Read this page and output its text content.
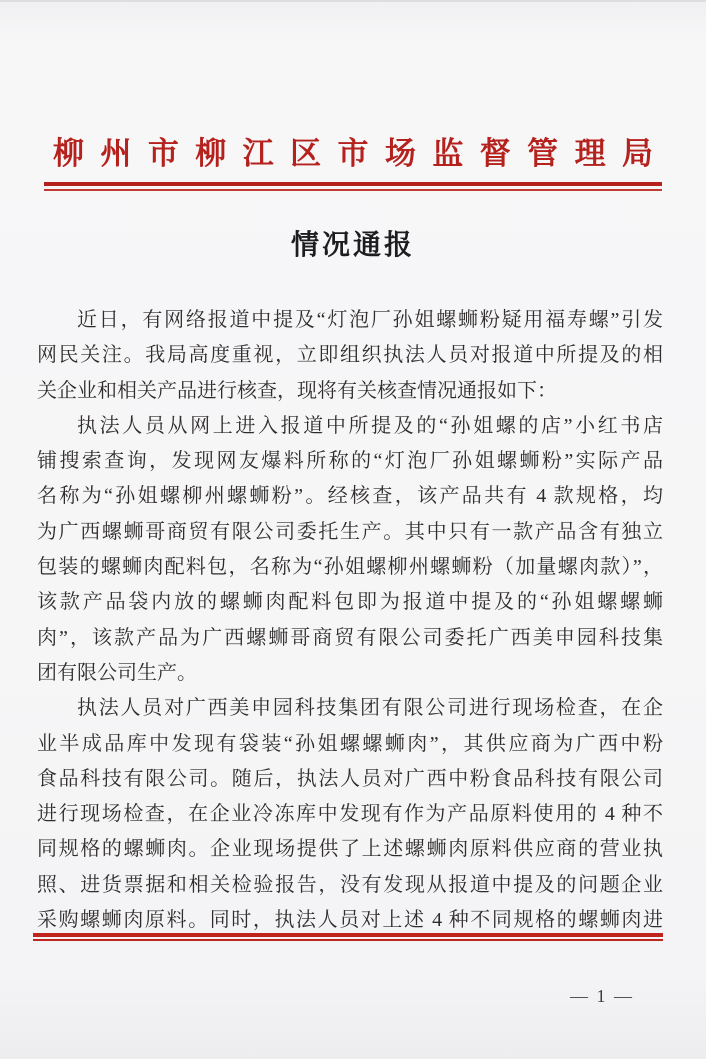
柳州市柳江区市场监督管理局
情况通报
近日，有网络报道中提及“灯泡厂孙姐螺蛳粉疑用福寿螺”引发
网民关注。我局高度重视，立即组织执法人员对报道中所提及的相
关企业和相关产品进行核查，现将有关核查情况通报如下：
执法人员从网上进入报道中所提及的“孙姐螺的店”小红书店
铺搜索查询，发现网友爆料所称的“灯泡厂孙姐螺蛳粉”实际产品
名称为“孙姐螺柳州螺蛳粉”。经核查，该产品共有 4 款规格，均
为广西螺蛳哥商贸有限公司委托生产。其中只有一款产品含有独立
包装的螺蛳肉配料包，名称为“孙姐螺柳州螺蛳粉（加量螺肉款）”，
该款产品袋内放的螺蛳肉配料包即为报道中提及的“孙姐螺螺蛳
肉”，该款产品为广西螺蛳哥商贸有限公司委托广西美申园科技集
团有限公司生产。
执法人员对广西美申园科技集团有限公司进行现场检查，在企
业半成品库中发现有袋装“孙姐螺螺蛳肉”，其供应商为广西中粉
食品科技有限公司。随后，执法人员对广西中粉食品科技有限公司
进行现场检查，在企业冷冻库中发现有作为产品原料使用的 4 种不
同规格的螺蛳肉。企业现场提供了上述螺蛳肉原料供应商的营业执
照、进货票据和相关检验报告，没有发现从报道中提及的问题企业
采购螺蛳肉原料。同时，执法人员对上述 4 种不同规格的螺蛳肉进
— 1 —
